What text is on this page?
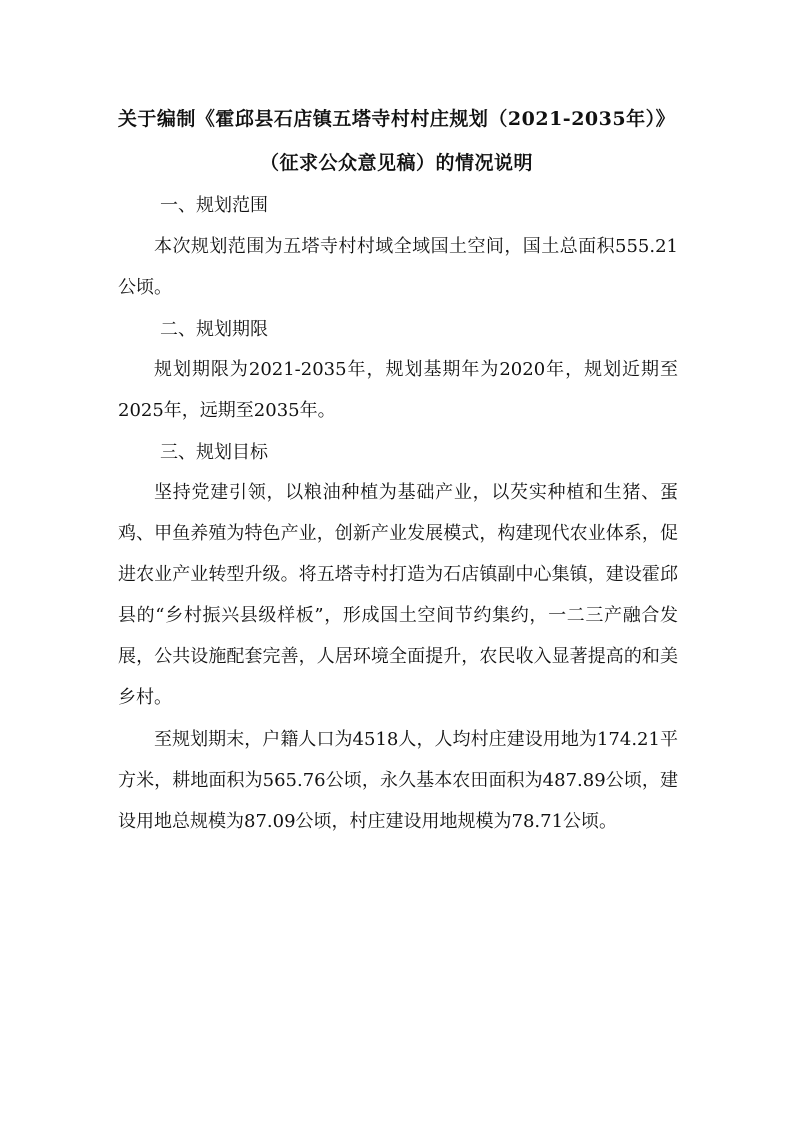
关于编制《霍邱县石店镇五塔寺村村庄规划（2021-2035年）》
（征求公众意见稿）的情况说明
一、规划范围
本次规划范围为五塔寺村村域全域国土空间，国土总面积555.21公顷。
二、规划期限
规划期限为2021-2035年，规划基期年为2020年，规划近期至2025年，远期至2035年。
三、规划目标
坚持党建引领，以粮油种植为基础产业，以芡实种植和生猪、蛋鸡、甲鱼养殖为特色产业，创新产业发展模式，构建现代农业体系，促进农业产业转型升级。将五塔寺村打造为石店镇副中心集镇，建设霍邱县的“乡村振兴县级样板”，形成国土空间节约集约，一二三产融合发展，公共设施配套完善，人居环境全面提升，农民收入显著提高的和美乡村。
至规划期末，户籍人口为4518人，人均村庄建设用地为174.21平方米，耕地面积为565.76公顷，永久基本农田面积为487.89公顷，建设用地总规模为87.09公顷，村庄建设用地规模为78.71公顷。
